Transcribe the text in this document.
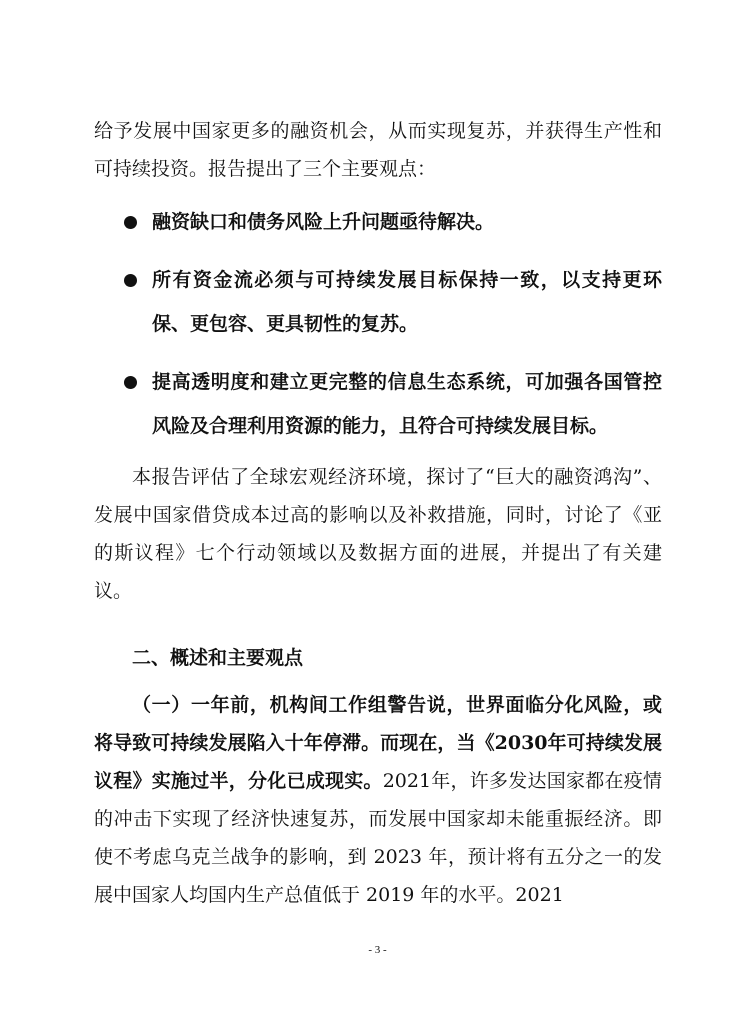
给予发展中国家更多的融资机会，从而实现复苏，并获得生产性和可持续投资。报告提出了三个主要观点：

融资缺口和债务风险上升问题亟待解决。
所有资金流必须与可持续发展目标保持一致，以支持更环保、更包容、更具韧性的复苏。
提高透明度和建立更完整的信息生态系统，可加强各国管控风险及合理利用资源的能力，且符合可持续发展目标。

本报告评估了全球宏观经济环境，探讨了“巨大的融资鸿沟”、发展中国家借贷成本过高的影响以及补救措施，同时，讨论了《亚的斯议程》七个行动领域以及数据方面的进展，并提出了有关建议。

二、概述和主要观点

（一）一年前，机构间工作组警告说，世界面临分化风险，或将导致可持续发展陷入十年停滞。而现在，当《2030年可持续发展议程》实施过半，分化已成现实。2021年，许多发达国家都在疫情的冲击下实现了经济快速复苏，而发展中国家却未能重振经济。即使不考虑乌克兰战争的影响，到 2023 年，预计将有五分之一的发展中国家人均国内生产总值低于 2019 年的水平。2021

- 3 -
